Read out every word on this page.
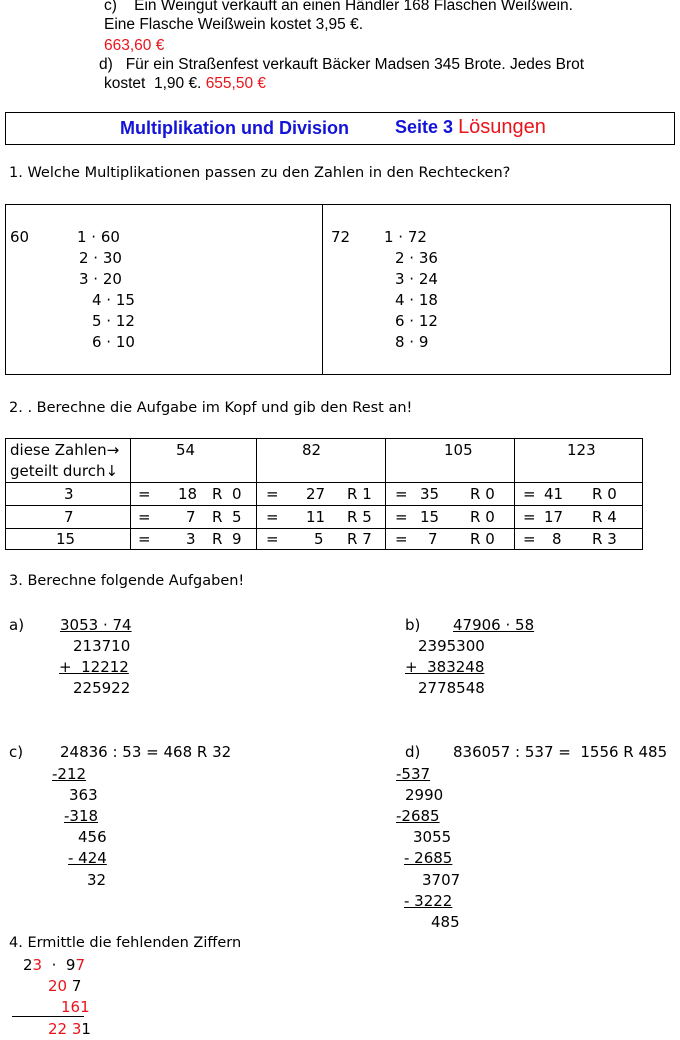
c)    Ein Weingut verkauft an einen Händler 168 Flaschen Weißwein.
Eine Flasche Weißwein kostet 3,95 €.
663,60 €
d)   Für ein Straßenfest verkauft Bäcker Madsen 345 Brote. Jedes Brot
kostet  1,90 €. 655,50 €
Multiplikation und Division	Seite 3 Lösungen
1. Welche Multiplikationen passen zu den Zahlen in den Rechtecken?
60	1 · 60
2 · 30
3 · 20
4 · 15
5 · 12
6 · 10
72 1 · 72
2 · 36
3 · 24
4 · 18
6 · 12
8 · 9
2. . Berechne die Aufgabe im Kopf und gib den Rest an!
diese Zahlen→
geteilt durch↓
54	82	105	123
3	= 18 R  0 = 27 R 1 = 35 R 0 = 41 R 0
7	= 7 R  5 = 11 R 5 = 15 R 0 = 17 R 4
15	= 3 R  9 = 5 R 7 = 7 R 0 = 8 R 3
3. Berechne folgende Aufgaben!
a) 3053 · 74
213710
+  12212
225922
b) 47906 · 58
2395300
+  383248
2778548
c) 24836 : 53 = 468 R 32
-212
363
-318
456
- 424
32
d) 836057 : 537 =  1556 R 485
-537
2990
-2685
3055
- 2685
3707
- 3222
485
4. Ermittle die fehlenden Ziffern
23  ·  97
20 7
161
22 31
